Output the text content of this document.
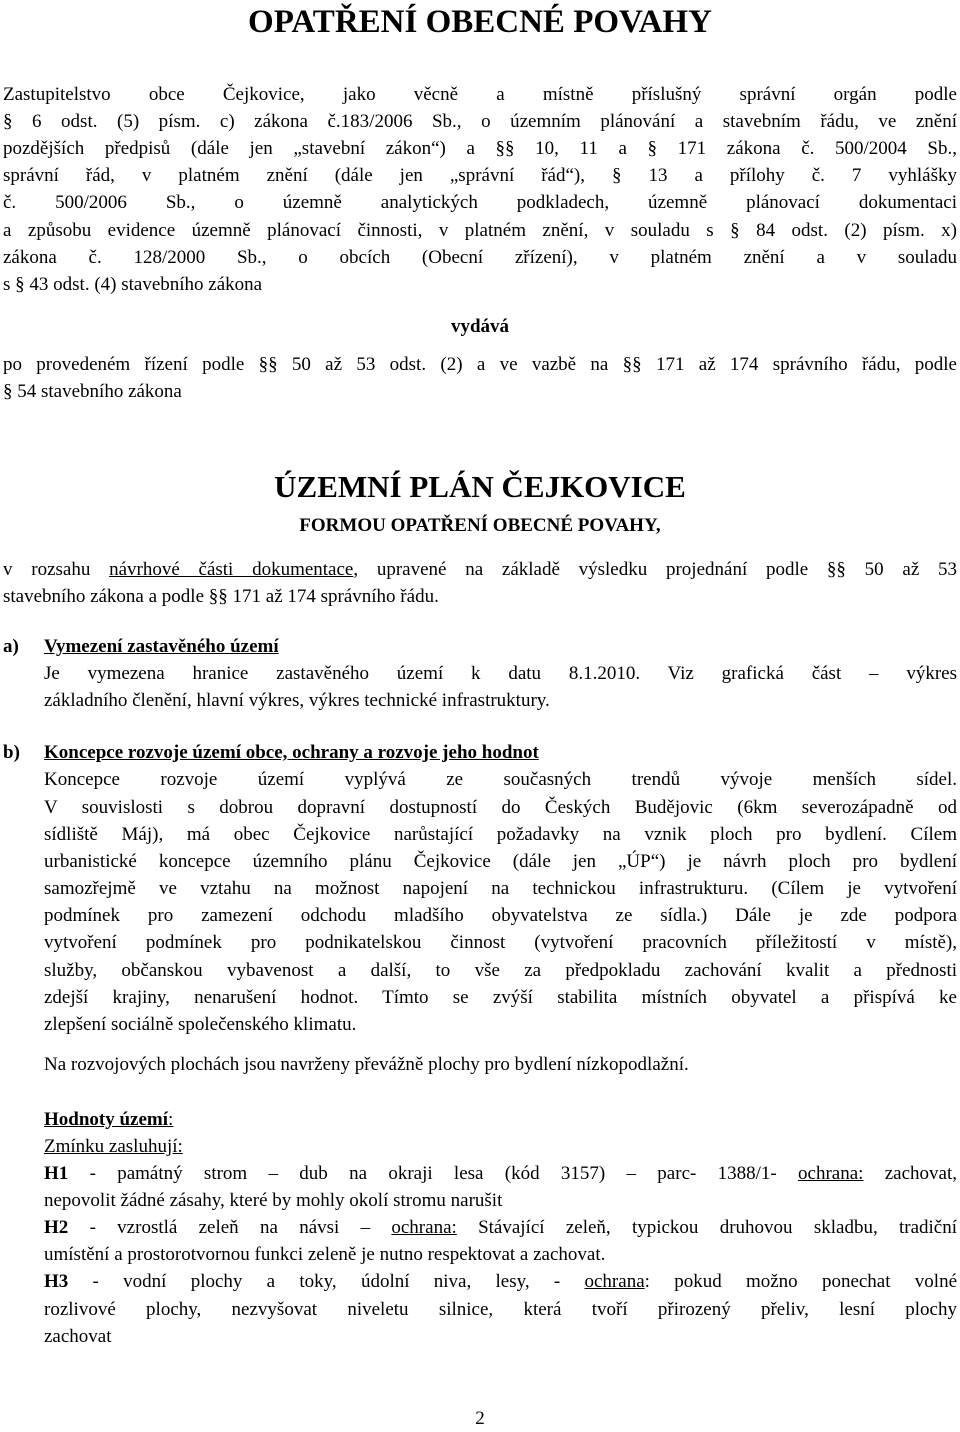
OPATŘENÍ OBECNÉ POVAHY
Zastupitelstvo obce Čejkovice, jako věcně a místně příslušný správní orgán podle
§ 6 odst. (5) písm. c) zákona č.183/2006 Sb., o územním plánování a stavebním řádu, ve znění
pozdějších předpisů (dále jen „stavební zákon“) a §§ 10, 11 a § 171 zákona č. 500/2004 Sb.,
správní řád, v platném znění (dále jen „správní řád“), § 13 a přílohy č. 7 vyhlášky
č. 500/2006 Sb., o územně analytických podkladech, územně plánovací dokumentaci
a způsobu evidence územně plánovací činnosti, v platném znění, v souladu s § 84 odst. (2) písm. x)
zákona č. 128/2000 Sb., o obcích (Obecní zřízení), v platném znění a v souladu
s § 43 odst. (4) stavebního zákona
vydává
po provedeném řízení podle §§ 50 až 53 odst. (2) a ve vazbě na §§ 171 až 174 správního řádu, podle
§ 54 stavebního zákona
ÚZEMNÍ PLÁN ČEJKOVICE
FORMOU OPATŘENÍ OBECNÉ POVAHY,
v rozsahu návrhové části dokumentace, upravené na základě výsledku projednání podle §§ 50 až 53
stavebního zákona a podle §§ 171 až 174 správního řádu.
a) Vymezení zastavěného území
Je vymezena hranice zastavěného území k datu 8.1.2010. Viz grafická část – výkres
základního členění, hlavní výkres, výkres technické infrastruktury.
b) Koncepce rozvoje území obce, ochrany a rozvoje jeho hodnot
Koncepce rozvoje území vyplývá ze současných trendů vývoje menších sídel.
V souvislosti s dobrou dopravní dostupností do Českých Budějovic (6km severozápadně od
sídliště Máj), má obec Čejkovice narůstající požadavky na vznik ploch pro bydlení. Cílem
urbanistické koncepce územního plánu Čejkovice (dále jen „ÚP“) je návrh ploch pro bydlení
samozřejmě ve vztahu na možnost napojení na technickou infrastrukturu. (Cílem je vytvoření
podmínek pro zamezení odchodu mladšího obyvatelstva ze sídla.) Dále je zde podpora
vytvoření podmínek pro podnikatelskou činnost (vytvoření pracovních příležitostí v místě),
služby, občanskou vybavenost a další, to vše za předpokladu zachování kvalit a přednosti
zdejší krajiny, nenarušení hodnot. Tímto se zvýší stabilita místních obyvatel a přispívá ke
zlepšení sociálně společenského klimatu.
Na rozvojových plochách jsou navrženy převážně plochy pro bydlení nízkopodlažní.
Hodnoty území:
Zmínku zasluhují:
H1 - památný strom – dub na okraji lesa (kód 3157) – parc- 1388/1- ochrana: zachovat,
nepovolit žádné zásahy, které by mohly okolí stromu narušit
H2 - vzrostlá zeleň na návsi – ochrana: Stávající zeleň, typickou druhovou skladbu, tradiční
umístění a prostorotvornou funkci zeleně je nutno respektovat a zachovat.
H3 - vodní plochy a toky, údolní niva, lesy, - ochrana: pokud možno ponechat volné
rozlivové plochy, nezvyšovat niveletu silnice, která tvoří přirozený přeliv, lesní plochy
zachovat
2
